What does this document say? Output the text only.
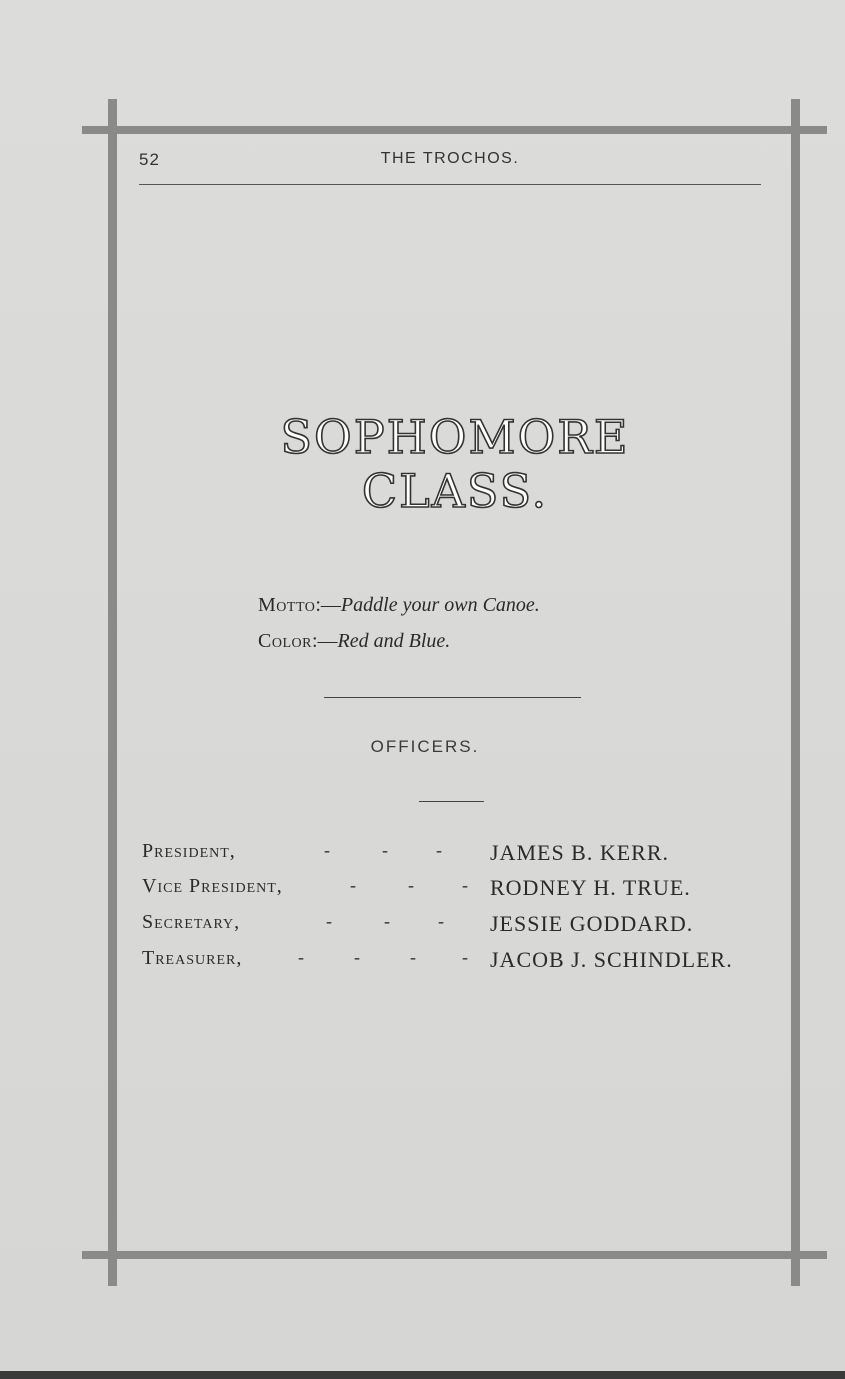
52	THE TROCHOS.
SOPHOMORE CLASS.
Motto:—Paddle your own Canoe.
Color:—Red and Blue.
OFFICERS.
President,	-	-	- JAMES B. KERR.
Vice President,	-	-	- RODNEY H. TRUE.
Secretary,	-	-	- JESSIE GODDARD.
Treasurer,	-	-	-	- JACOB J. SCHINDLER.
